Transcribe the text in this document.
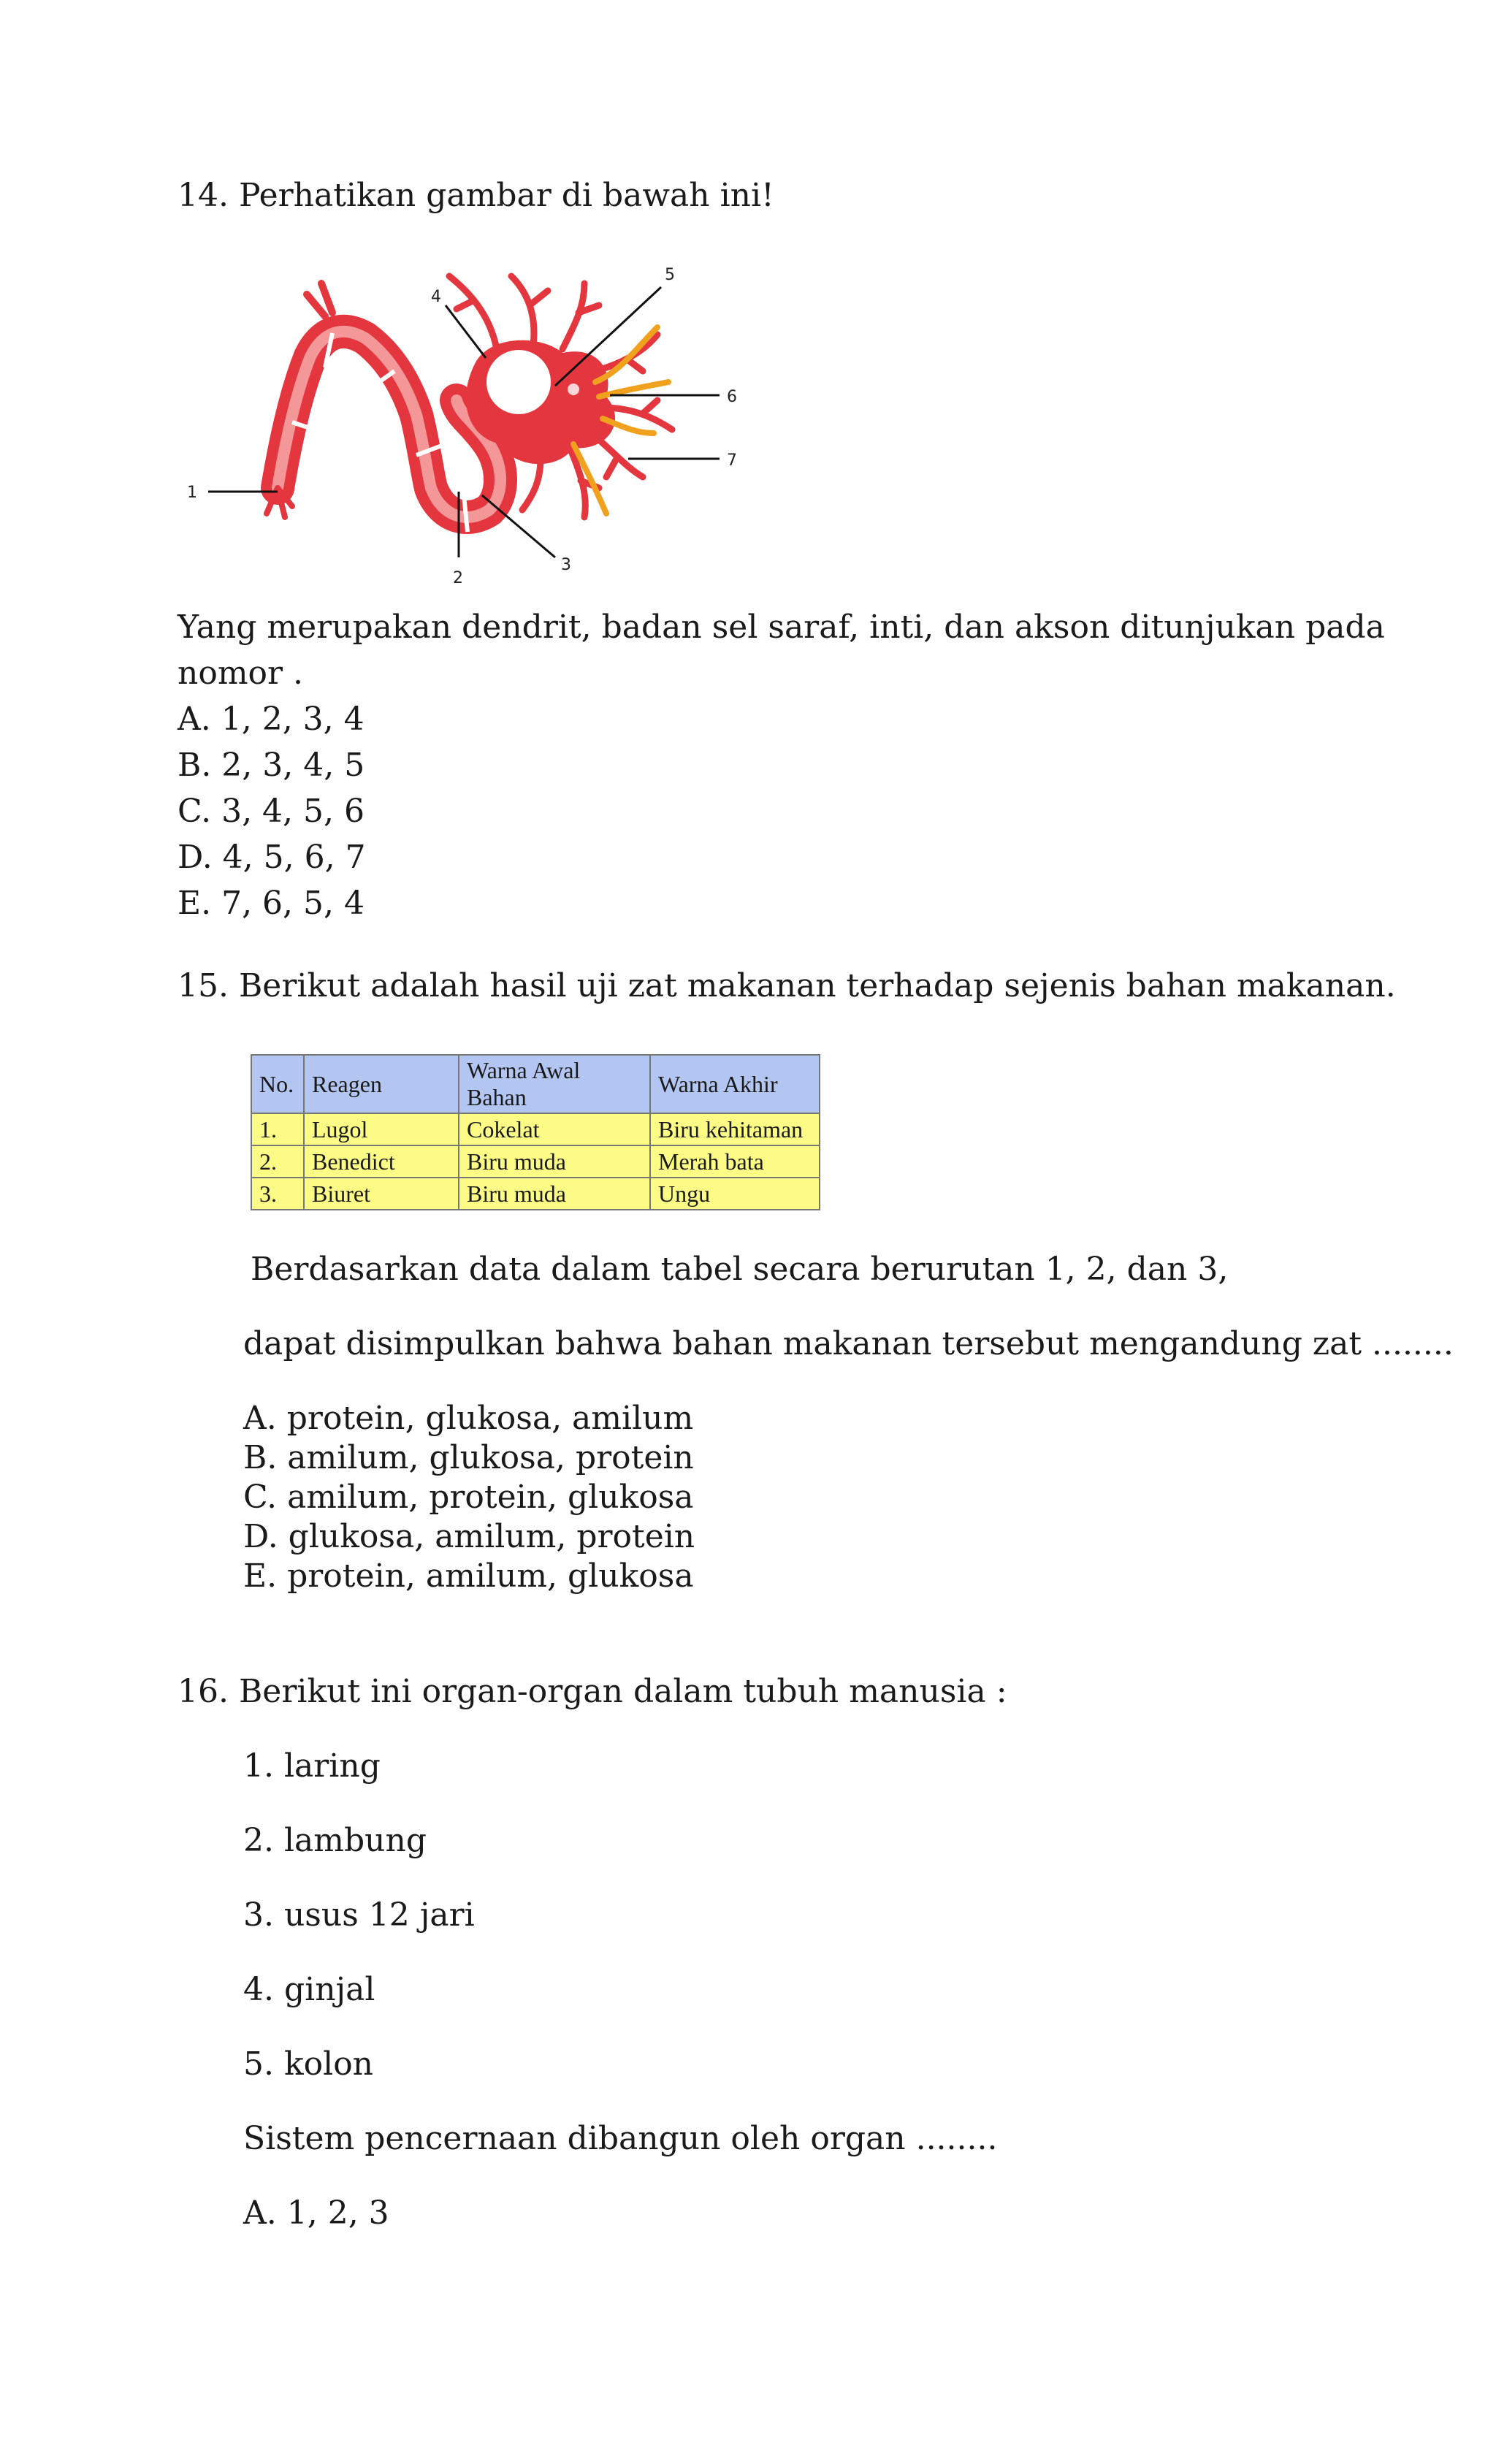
14. Perhatikan gambar di bawah ini!

1
2
3
4
5
6
7

Yang merupakan dendrit, badan sel saraf, inti, dan akson ditunjukan pada

nomor .

A. 1, 2, 3, 4

B. 2, 3, 4, 5

C. 3, 4, 5, 6

D. 4, 5, 6, 7

E. 7, 6, 5, 4

15. Berikut adalah hasil uji zat makanan terhadap sejenis bahan makanan.

No.	Reagen	Warna Awal Bahan	Warna Akhir
1.	Lugol	Cokelat	Biru kehitaman
2.	Benedict	Biru muda	Merah bata
3.	Biuret	Biru muda	Ungu

Berdasarkan data dalam tabel secara berurutan 1, 2, dan 3,

dapat disimpulkan bahwa bahan makanan tersebut mengandung zat ........

A. protein, glukosa, amilum

B. amilum, glukosa, protein

C. amilum, protein, glukosa

D. glukosa, amilum, protein

E. protein, amilum, glukosa

16. Berikut ini organ-organ dalam tubuh manusia :

1. laring

2. lambung

3. usus 12 jari

4. ginjal

5. kolon

Sistem pencernaan dibangun oleh organ ........

A. 1, 2, 3
